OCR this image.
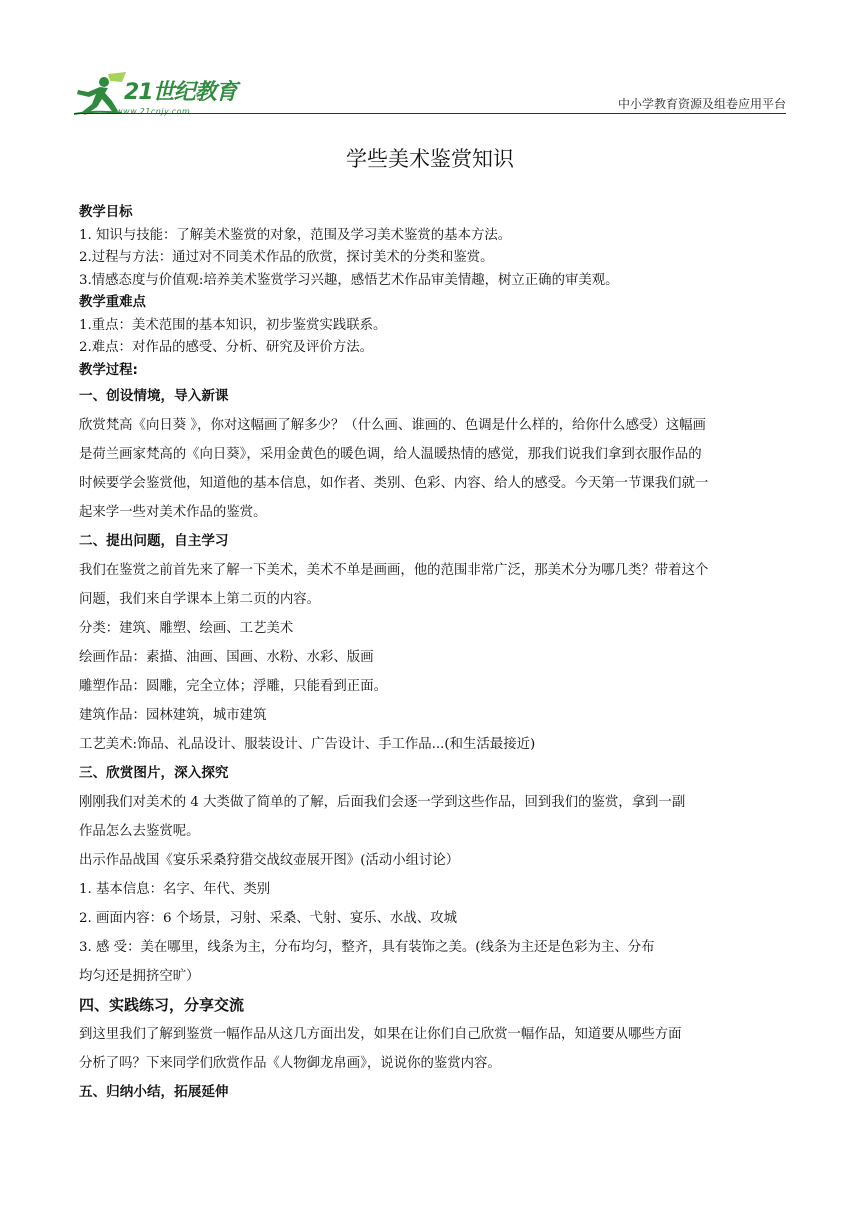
21世纪教育
www.21cnjy.com
中小学教育资源及组卷应用平台
学些美术鉴赏知识
教学目标
1. 知识与技能：了解美术鉴赏的对象，范围及学习美术鉴赏的基本方法。
2.过程与方法：通过对不同美术作品的欣赏，探讨美术的分类和鉴赏。
3.情感态度与价值观:培养美术鉴赏学习兴趣，感悟艺术作品审美情趣，树立正确的审美观。
教学重难点
1.重点：美术范围的基本知识，初步鉴赏实践联系。
2.难点：对作品的感受、分析、研究及评价方法。
教学过程:
一、创设情境，导入新课
欣赏梵高《向日葵 》，你对这幅画了解多少？（什么画、谁画的、色调是什么样的，给你什么感受）这幅画
是荷兰画家梵高的《向日葵》，采用金黄色的暖色调，给人温暖热情的感觉，那我们说我们拿到衣服作品的
时候要学会鉴赏他，知道他的基本信息，如作者、类别、色彩、内容、给人的感受。今天第一节课我们就一
起来学一些对美术作品的鉴赏。
二、提出问题，自主学习
我们在鉴赏之前首先来了解一下美术，美术不单是画画，他的范围非常广泛，那美术分为哪几类？带着这个
问题，我们来自学课本上第二页的内容。
分类：建筑、雕塑、绘画、工艺美术
绘画作品：素描、油画、国画、水粉、水彩、版画
雕塑作品：圆雕，完全立体；浮雕，只能看到正面。
建筑作品：园林建筑，城市建筑
工艺美术:饰品、礼品设计、服装设计、广告设计、手工作品...(和生活最接近)
三、欣赏图片，深入探究
刚刚我们对美术的 4 大类做了简单的了解，后面我们会逐一学到这些作品，回到我们的鉴赏，拿到一副
作品怎么去鉴赏呢。
出示作品战国《宴乐采桑狩猎交战纹壶展开图》(活动小组讨论）
1. 基本信息：名字、年代、类别
2. 画面内容：6 个场景，习射、采桑、弋射、宴乐、水战、攻城
3. 感 受：美在哪里，线条为主，分布均匀，整齐，具有装饰之美。(线条为主还是色彩为主、分布
均匀还是拥挤空旷）
四、实践练习，分享交流
到这里我们了解到鉴赏一幅作品从这几方面出发，如果在让你们自己欣赏一幅作品，知道要从哪些方面
分析了吗？下来同学们欣赏作品《人物御龙帛画》，说说你的鉴赏内容。
五、归纳小结，拓展延伸
